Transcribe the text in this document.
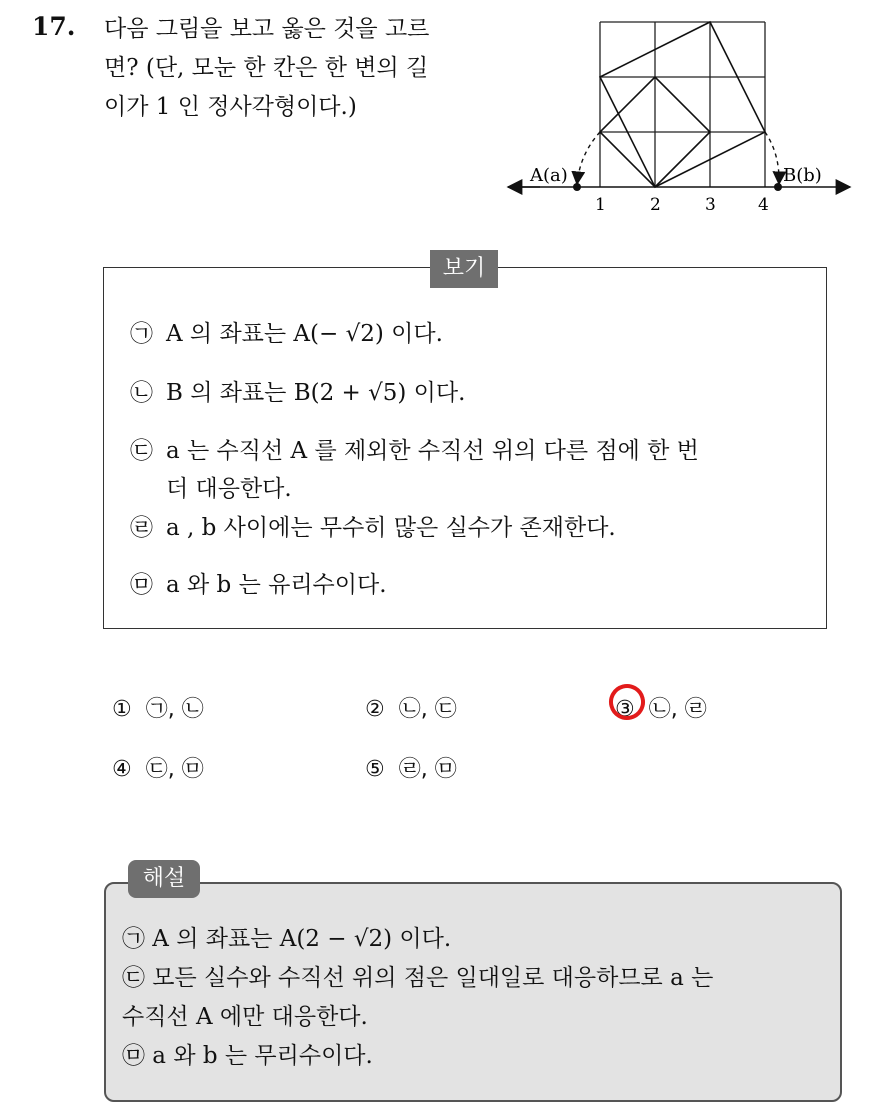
17. 다음 그림을 보고 옳은 것을 고르
면? (단, 모눈 한 칸은 한 변의 길
이가 1 인 정사각형이다.)
A(a)	B(b)
1	2	3 4
보기
㉠ A 의 좌표는 A(− √2) 이다.
㉡ B 의 좌표는 B(2 + √5) 이다.
㉢ a 는 수직선 A 를 제외한 수직선 위의 다른 점에 한 번
더 대응한다.
㉣ a , b 사이에는 무수히 많은 실수가 존재한다.
㉤ a 와 b 는 유리수이다.
① ㉠, ㉡	② ㉡, ㉢	③ ㉡, ㉣
④ ㉢, ㉤	⑤ ㉣, ㉤
해설
㉠ A 의 좌표는 A(2 − √2) 이다.
㉢ 모든 실수와 수직선 위의 점은 일대일로 대응하므로 a 는
수직선 A 에만 대응한다.
㉤ a 와 b 는 무리수이다.
